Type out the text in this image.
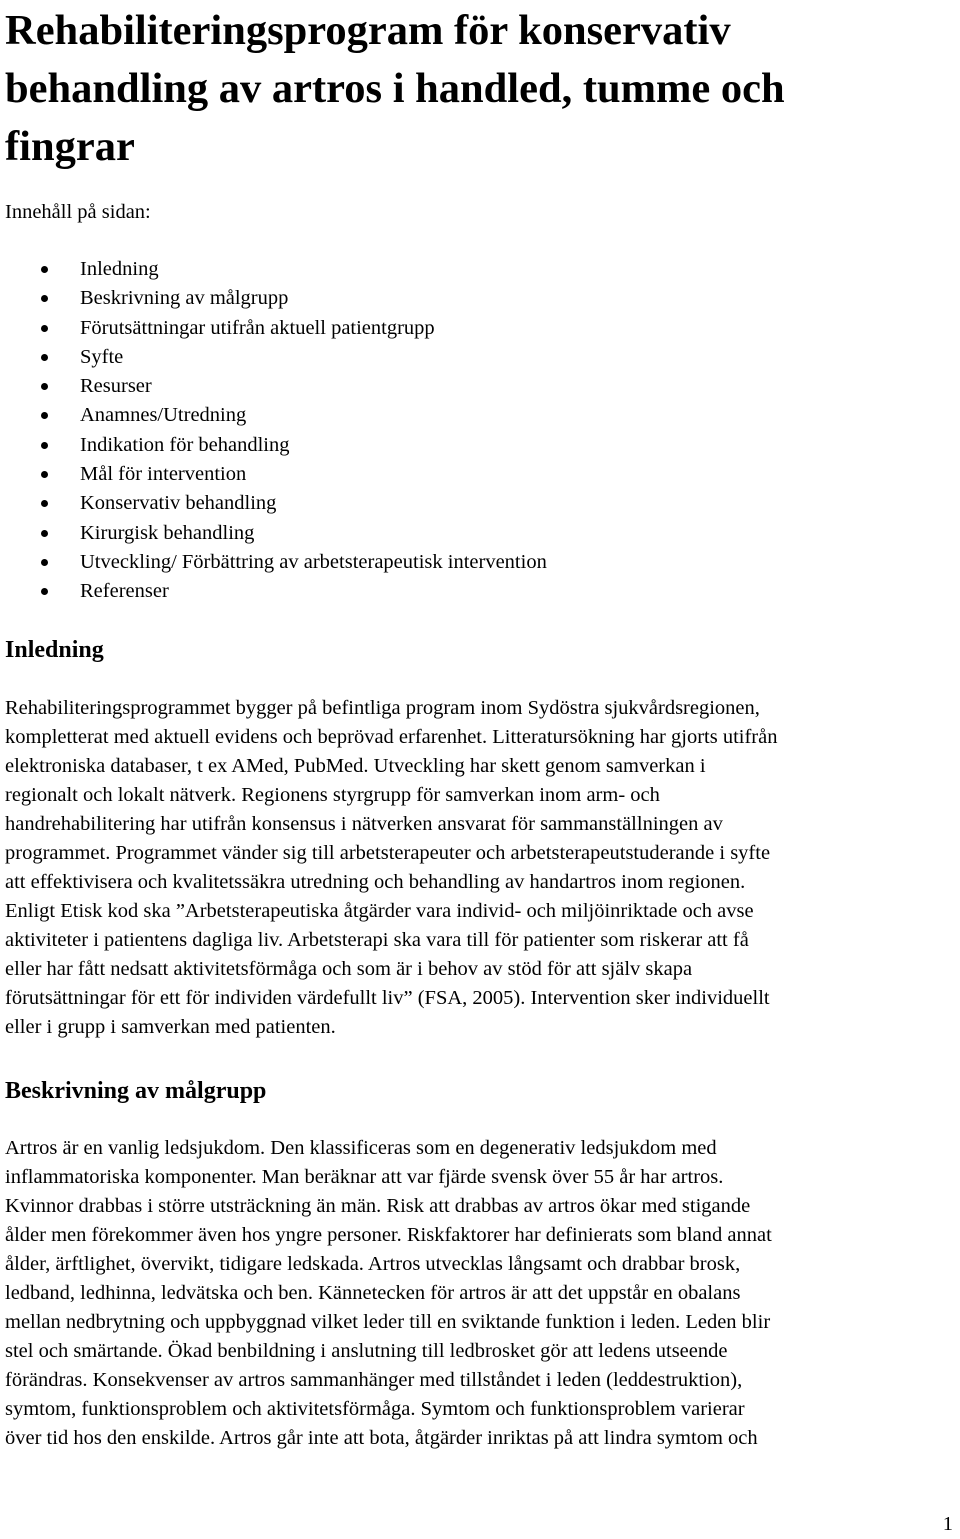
Rehabiliteringsprogram för konservativ
behandling av artros i handled, tumme och
fingrar

Innehåll på sidan:

Inledning
Beskrivning av målgrupp
Förutsättningar utifrån aktuell patientgrupp
Syfte
Resurser
Anamnes/Utredning
Indikation för behandling
Mål för intervention
Konservativ behandling
Kirurgisk behandling
Utveckling/ Förbättring av arbetsterapeutisk intervention
Referenser
Inledning

Rehabiliteringsprogrammet bygger på befintliga program inom Sydöstra sjukvårdsregionen,
kompletterat med aktuell evidens och beprövad erfarenhet. Litteratursökning har gjorts utifrån
elektroniska databaser, t ex AMed, PubMed. Utveckling har skett genom samverkan i
regionalt och lokalt nätverk. Regionens styrgrupp för samverkan inom arm- och
handrehabilitering har utifrån konsensus i nätverken ansvarat för sammanställningen av
programmet. Programmet vänder sig till arbetsterapeuter och arbetsterapeutstuderande i syfte
att effektivisera och kvalitetssäkra utredning och behandling av handartros inom regionen.
Enligt Etisk kod ska ”Arbetsterapeutiska åtgärder vara individ- och miljöinriktade och avse
aktiviteter i patientens dagliga liv. Arbetsterapi ska vara till för patienter som riskerar att få
eller har fått nedsatt aktivitetsförmåga och som är i behov av stöd för att själv skapa
förutsättningar för ett för individen värdefullt liv” (FSA, 2005). Intervention sker individuellt
eller i grupp i samverkan med patienten.

Beskrivning av målgrupp

Artros är en vanlig ledsjukdom. Den klassificeras som en degenerativ ledsjukdom med
inflammatoriska komponenter. Man beräknar att var fjärde svensk över 55 år har artros.
Kvinnor drabbas i större utsträckning än män. Risk att drabbas av artros ökar med stigande
ålder men förekommer även hos yngre personer. Riskfaktorer har definierats som bland annat
ålder, ärftlighet, övervikt, tidigare ledskada. Artros utvecklas långsamt och drabbar brosk,
ledband, ledhinna, ledvätska och ben. Kännetecken för artros är att det uppstår en obalans
mellan nedbrytning och uppbyggnad vilket leder till en sviktande funktion i leden. Leden blir
stel och smärtande. Ökad benbildning i anslutning till ledbrosket gör att ledens utseende
förändras. Konsekvenser av artros sammanhänger med tillståndet i leden (leddestruktion),
symtom, funktionsproblem och aktivitetsförmåga. Symtom och funktionsproblem varierar
över tid hos den enskilde. Artros går inte att bota, åtgärder inriktas på att lindra symtom och

1
